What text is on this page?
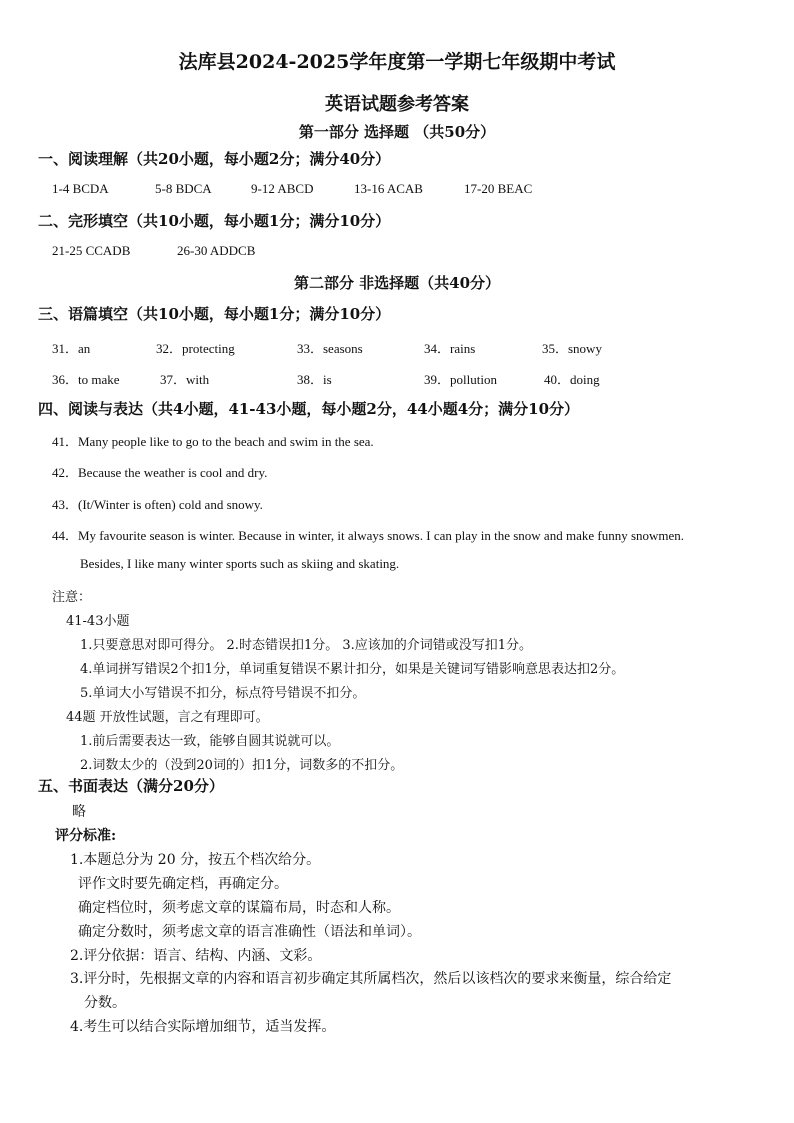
法库县2024-2025学年度第一学期七年级期中考试
英语试题参考答案
第一部分 选择题 （共50分）
一、阅读理解（共20小题，每小题2分；满分40分）
1-4 BCDA	5-8 BDCA	9-12 ABCD	13-16 ACAB	17-20 BEAC
二、完形填空（共10小题，每小题1分；满分10分）
21-25 CCADB	26-30 ADDCB
第二部分 非选择题（共40分）
三、语篇填空（共10小题，每小题1分；满分10分）
31．an	32．protecting	33．seasons	34．rains	35．snowy
36．to make	37．with	38．is	39．pollution	40．doing
四、阅读与表达（共4小题，41-43小题，每小题2分，44小题4分；满分10分）
41．Many people like to go to the beach and swim in the sea.
42．Because the weather is cool and dry.
43．(It/Winter is often) cold and snowy.
44．My favourite season is winter. Because in winter, it always snows. I can play in the snow and make funny snowmen.
Besides, I like many winter sports such as skiing and skating.
注意：
41-43小题
1.只要意思对即可得分。 2.时态错误扣1分。 3.应该加的介词错或没写扣1分。
4.单词拼写错误2个扣1分，单词重复错误不累计扣分，如果是关键词写错影响意思表达扣2分。
5.单词大小写错误不扣分，标点符号错误不扣分。
44题 开放性试题，言之有理即可。
1.前后需要表达一致，能够自圆其说就可以。
2.词数太少的（没到20词的）扣1分，词数多的不扣分。
五、书面表达（满分20分）
略
评分标准:
1.本题总分为 20 分，按五个档次给分。
评作文时要先确定档，再确定分。
确定档位时，须考虑文章的谋篇布局，时态和人称。
确定分数时，须考虑文章的语言准确性（语法和单词）。
2.评分依据：语言、结构、内涵、文彩。
3.评分时，先根据文章的内容和语言初步确定其所属档次，然后以该档次的要求来衡量，综合给定
分数。
4.考生可以结合实际增加细节，适当发挥。
